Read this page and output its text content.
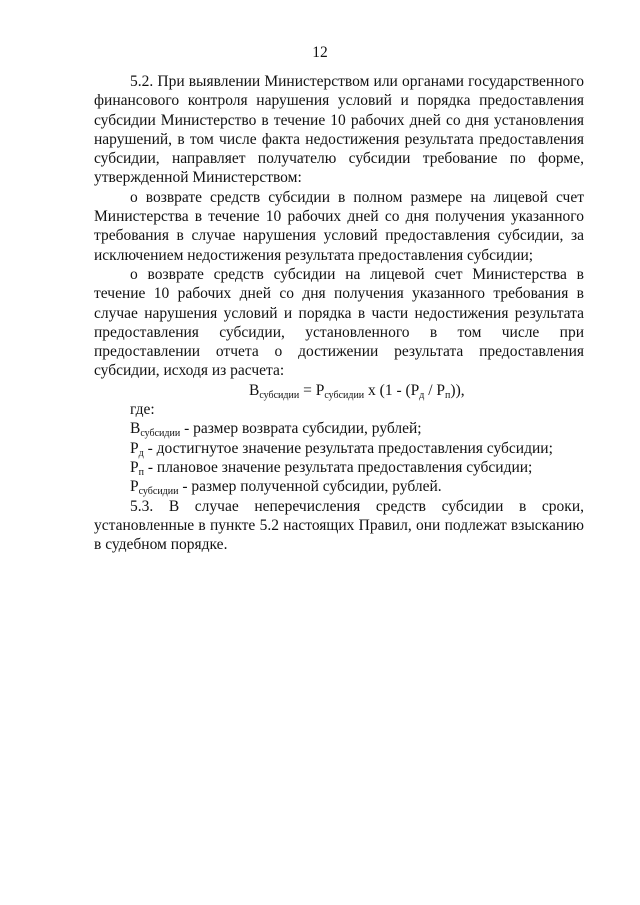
12

5.2. При выявлении Министерством или органами государственного финансового контроля нарушения условий и порядка предоставления субсидии Министерство в течение 10 рабочих дней со дня установления нарушений, в том числе факта недостижения результата предоставления субсидии, направляет получателю субсидии требование по форме, утвержденной Министерством:

о возврате средств субсидии в полном размере на лицевой счет Министерства в течение 10 рабочих дней со дня получения указанного требования в случае нарушения условий предоставления субсидии, за исключением недостижения результата предоставления субсидии;

о возврате средств субсидии на лицевой счет Министерства в течение 10 рабочих дней со дня получения указанного требования в случае нарушения условий и порядка в части недостижения результата предоставления субсидии, установленного в том числе при предоставлении отчета о достижении результата предоставления субсидии, исходя из расчета:

$В_{субсидии} = Р_{субсидии}$ х $(1 - (Р_д / Р_п))$,

где:

$В_{субсидии}$ - размер возврата субсидии, рублей;

$Р_д$ - достигнутое значение результата предоставления субсидии;

$Р_п$ - плановое значение результата предоставления субсидии;

$Р_{субсидии}$ - размер полученной субсидии, рублей.

5.3. В случае неперечисления средств субсидии в сроки, установленные в пункте 5.2 настоящих Правил, они подлежат взысканию в судебном порядке.
